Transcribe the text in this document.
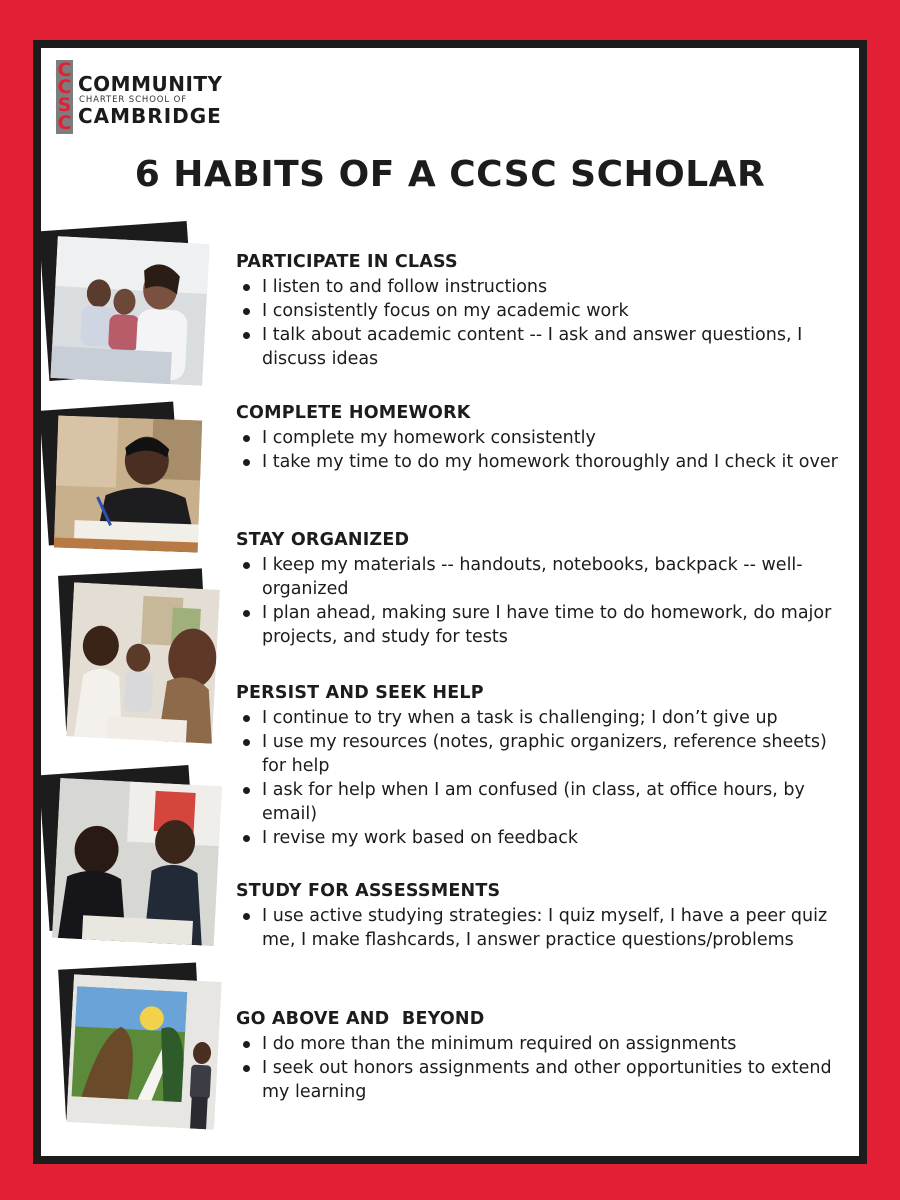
C
C
S
C
COMMUNITY
CHARTER SCHOOL OF
CAMBRIDGE
6 HABITS OF A CCSC SCHOLAR
PARTICIPATE IN CLASS
I listen to and follow instructions
I consistently focus on my academic work
I talk about academic content -- I ask and answer questions, I discuss ideas
COMPLETE HOMEWORK
I complete my homework consistently
I take my time to do my homework thoroughly and I check it over
STAY ORGANIZED
I keep my materials -- handouts, notebooks, backpack -- well-organized
I plan ahead, making sure I have time to do homework, do major projects, and study for tests
PERSIST AND SEEK HELP
I continue to try when a task is challenging; I don’t give up
I use my resources (notes, graphic organizers, reference sheets) for help
I ask for help when I am confused (in class, at office hours, by email)
I revise my work based on feedback
STUDY FOR ASSESSMENTS
I use active studying strategies: I quiz myself, I have a peer quiz me, I make flashcards, I answer practice questions/problems
GO ABOVE AND  BEYOND
I do more than the minimum required on assignments
I seek out honors assignments and other opportunities to extend my learning
